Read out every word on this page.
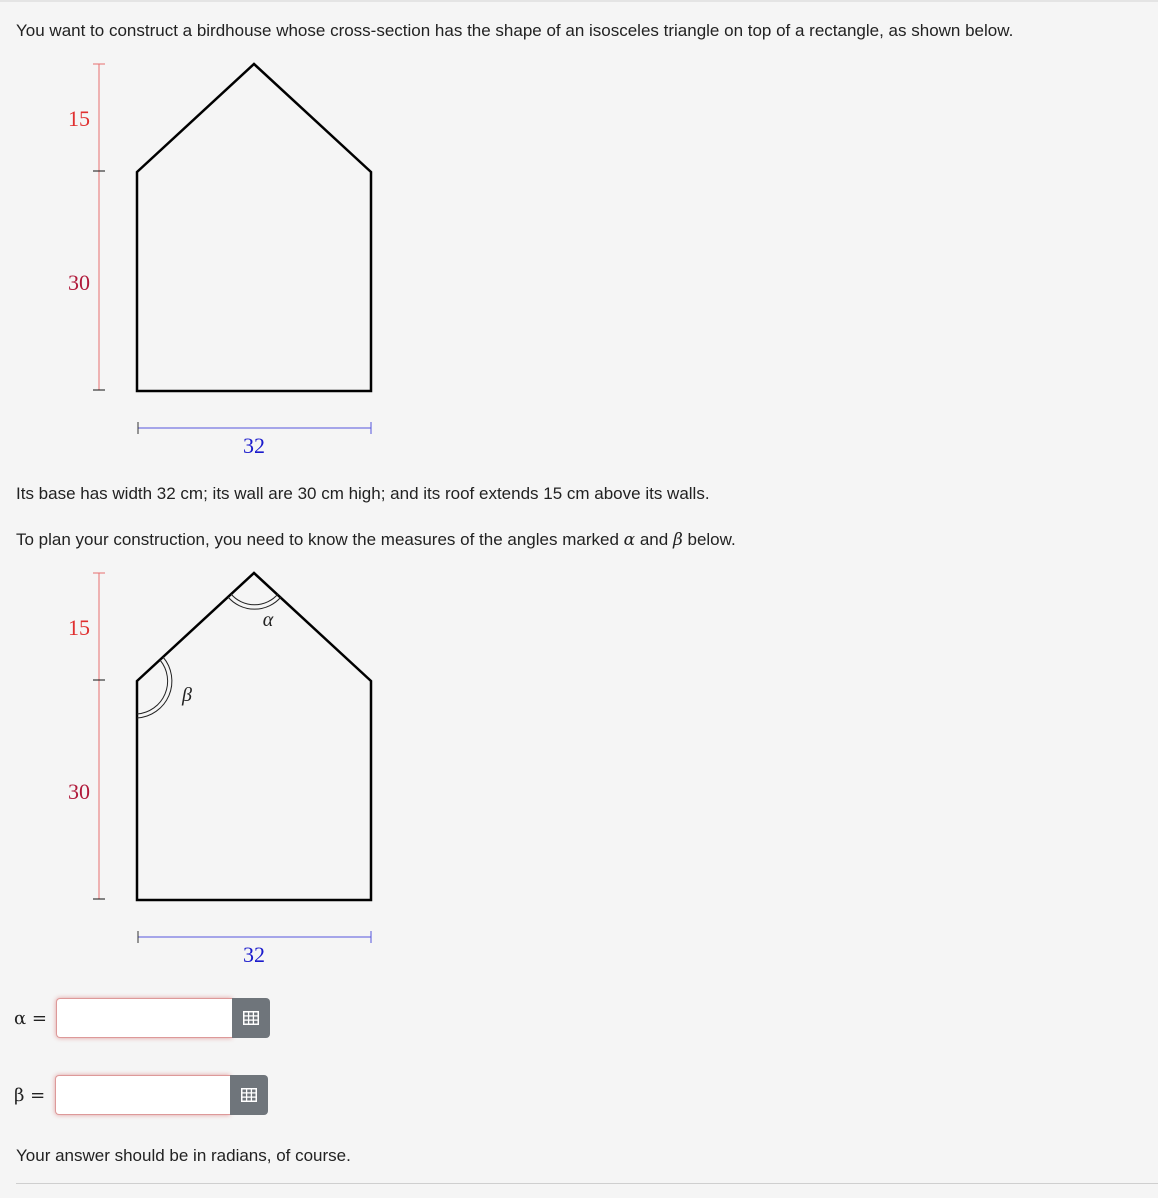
You want to construct a birdhouse whose cross-section has the shape of an isosceles triangle on top of a rectangle, as shown below.

15
30
32

Its base has width 32 cm; its wall are 30 cm high; and its roof extends 15 cm above its walls.

To plan your construction, you need to know the measures of the angles marked α and β below.

15
30
α
β
32
α =
β =

Your answer should be in radians, of course.
